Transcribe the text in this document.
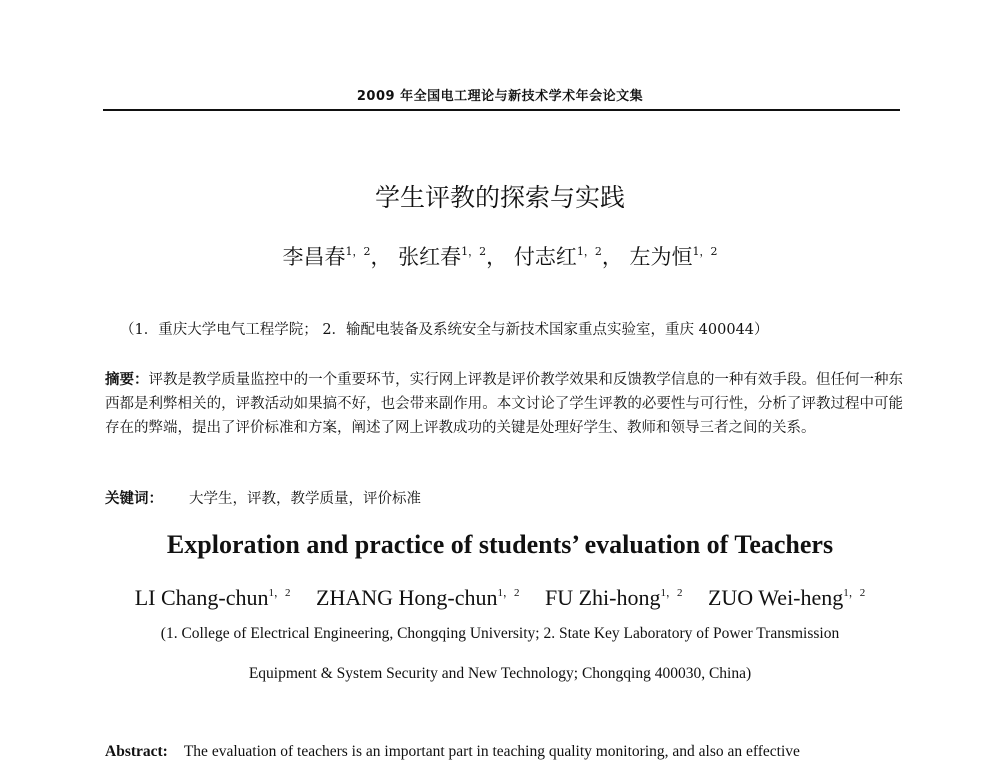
2009 年全国电工理论与新技术学术年会论文集
学生评教的探索与实践
李昌春$^{1,2}$， 张红春$^{1,2}$， 付志红$^{1,2}$， 左为恒$^{1,2}$
（1．重庆大学电气工程学院； 2．输配电装备及系统安全与新技术国家重点实验室，重庆 400044）
摘要：评教是教学质量监控中的一个重要环节，实行网上评教是评价教学效果和反馈教学信息的一种有效手段。但任何一种东西都是利弊相关的，评教活动如果搞不好，也会带来副作用。本文讨论了学生评教的必要性与可行性，分析了评教过程中可能存在的弊端，提出了评价标准和方案，阐述了网上评教成功的关键是处理好学生、教师和领导三者之间的关系。
关键词： 大学生，评教，教学质量，评价标准
Exploration and practice of students’ evaluation of Teachers
LI Chang-chun$^{1,2}$ ZHANG Hong-chun$^{1,2}$ FU Zhi-hong$^{1,2}$ ZUO Wei-heng$^{1,2}$
(1. College of Electrical Engineering, Chongqing University; 2. State Key Laboratory of Power Transmission
Equipment & System Security and New Technology; Chongqing 400030, China)
Abstract: The evaluation of teachers is an important part in teaching quality monitoring, and also an effective
